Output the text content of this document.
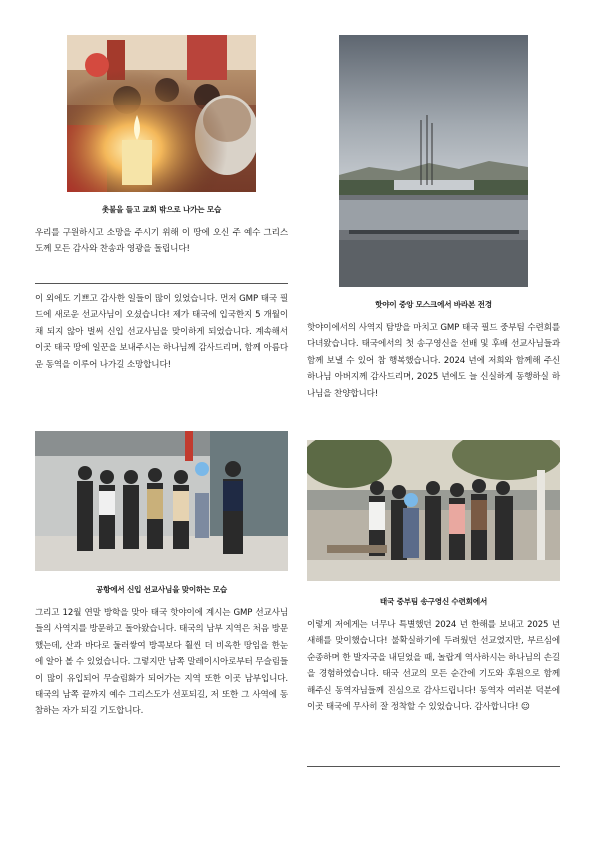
촛불을 들고 교회 밖으로 나가는 모습
우리를 구원하시고 소망을 주시기 위해 이 땅에 오신 주 예수 그리스도께 모든 감사와 찬송과 영광을 돌립니다!
이 외에도 기쁘고 감사한 일들이 많이 있었습니다. 먼저 GMP 태국 필드에 새로운 선교사님이 오셨습니다! 제가 태국에 입국한지 5 개월이 채 되지 않아 벌써 신입 선교사님을 맞이하게 되었습니다. 계속해서 이곳 태국 땅에 일꾼을 보내주시는 하나님께 감사드리며, 함께 아름다운 동역을 이루어 나가길 소망합니다!
공항에서 신입 선교사님을 맞이하는 모습
그리고 12월 연말 방학을 맞아 태국 핫야이에 계시는 GMP 선교사님들의 사역지를 방문하고 돌아왔습니다. 태국의 남부 지역은 처음 방문했는데, 산과 바다로 둘러쌓여 방콕보다 훨씬 더 비옥한 땅임을 한눈에 알아 볼 수 있었습니다. 그렇지만 남쪽 말레이시아로부터 무슬림들이 많이 유입되어 무슬림화가 되어가는 지역 또한 이곳 남부입니다. 태국의 남쪽 끝까지 예수 그리스도가 선포되길, 저 또한 그 사역에 동참하는 자가 되길 기도합니다.
핫야이 중앙 모스크에서 바라본 전경
핫야이에서의 사역지 탐방을 마치고 GMP 태국 필드 중부팀 수련회를 다녀왔습니다. 태국에서의 첫 송구영신을 선배 및 후배 선교사님들과 함께 보낼 수 있어 참 행복했습니다. 2024 년에 저희와 함께해 주신 하나님 아버지께 감사드리며, 2025 년에도 늘 신실하게 동행하실 하나님을 찬양합니다!
태국 중부팀 송구영신 수련회에서
이렇게 저에게는 너무나 특별했던 2024 년 한해를 보내고 2025 년 새해를 맞이했습니다! 불확실하기에 두려웠던 선교였지만, 부르심에 순종하며 한 발자국을 내딛었을 때, 놀랍게 역사하시는 하나님의 손길을 경험하였습니다. 태국 선교의 모든 순간에 기도와 후원으로 함께 해주신 동역자님들께 진심으로 감사드립니다! 동역자 여러분 덕분에 이곳 태국에 무사히 잘 정착할 수 있었습니다. 감사합니다! ☺
